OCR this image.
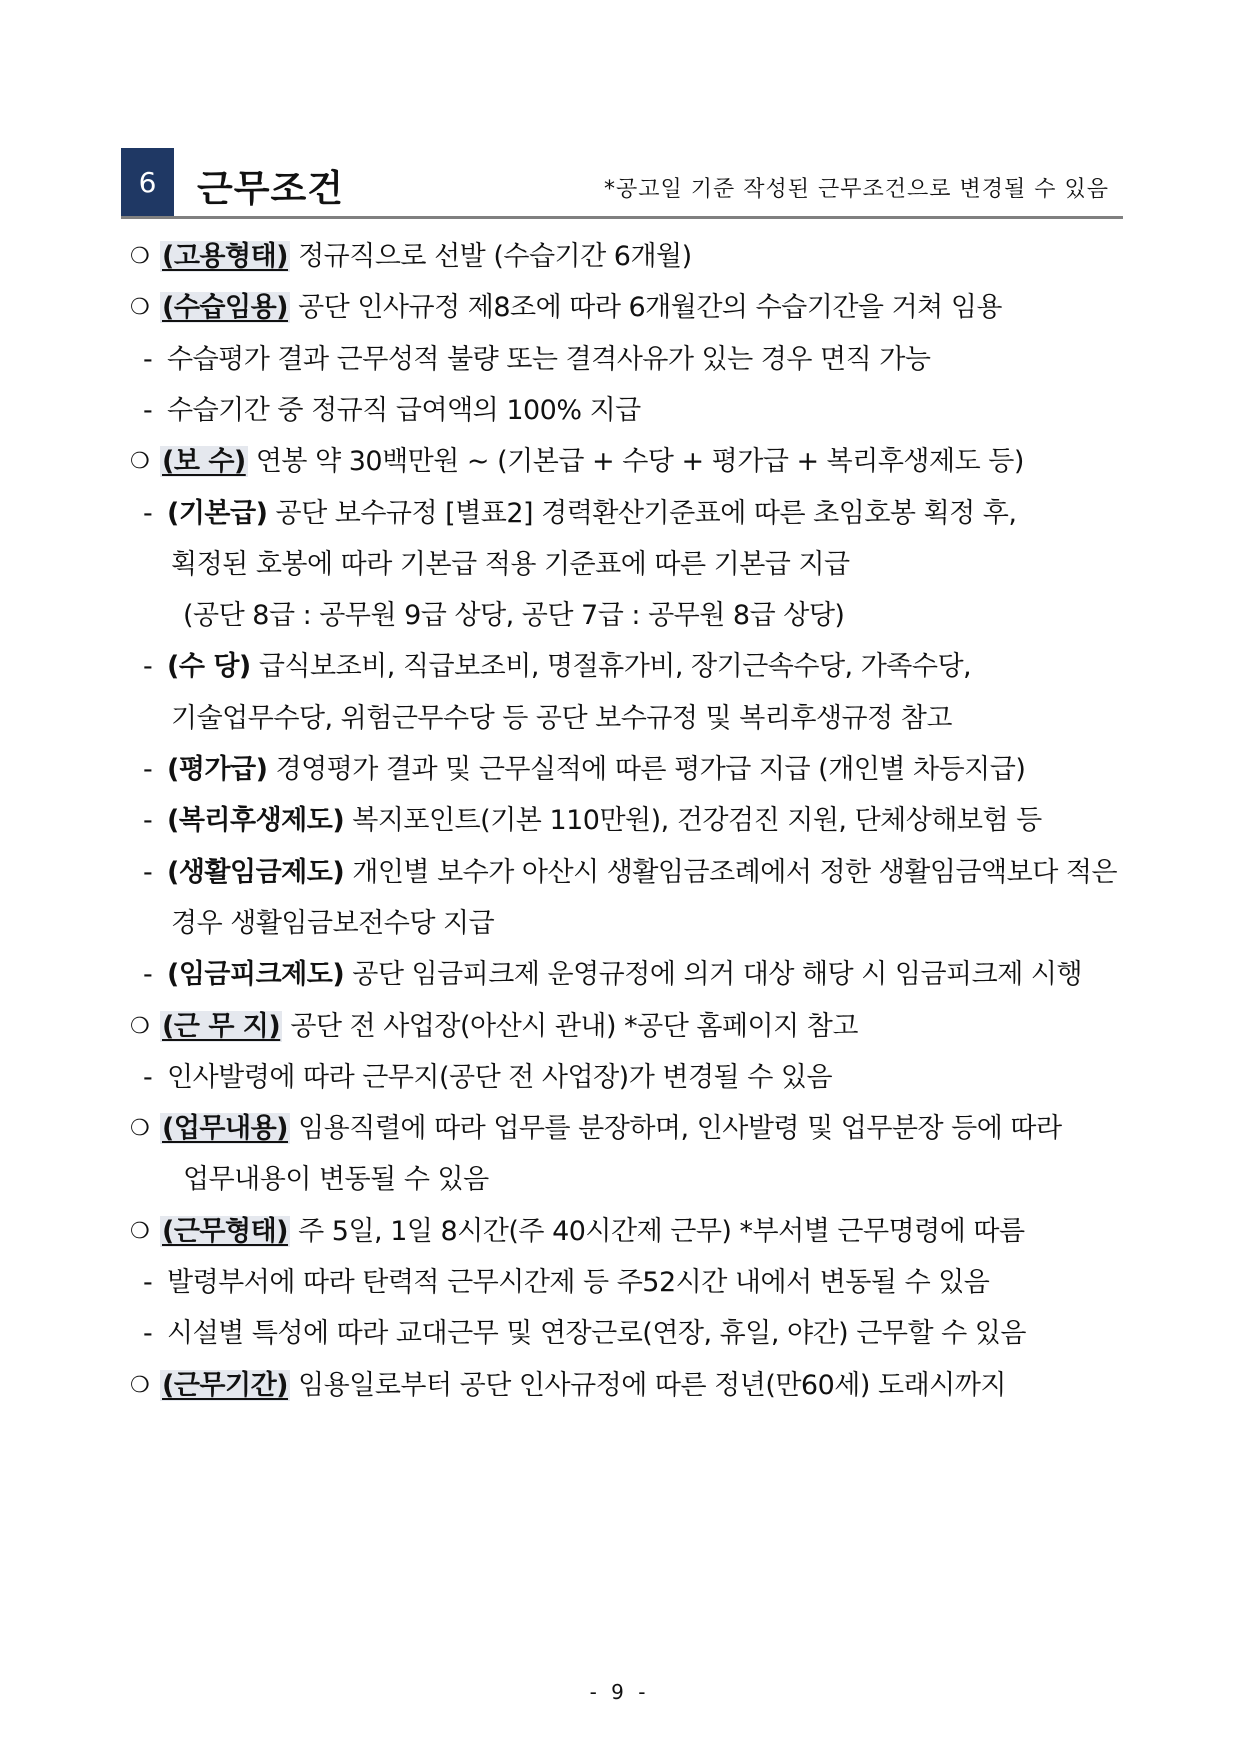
6	근무조건	*공고일 기준 작성된 근무조건으로 변경될 수 있음
❍ (고용형태) 정규직으로 선발 (수습기간 6개월)
❍ (수습임용) 공단 인사규정 제8조에 따라 6개월간의 수습기간을 거쳐 임용
- 수습평가 결과 근무성적 불량 또는 결격사유가 있는 경우 면직 가능
- 수습기간 중 정규직 급여액의 100% 지급
❍ (보 수) 연봉 약 30백만원 ~ (기본급 + 수당 + 평가급 + 복리후생제도 등)
- (기본급) 공단 보수규정 [별표2] 경력환산기준표에 따른 초임호봉 획정 후,
획정된 호봉에 따라 기본급 적용 기준표에 따른 기본급 지급
(공단 8급 : 공무원 9급 상당, 공단 7급 : 공무원 8급 상당)
- (수 당) 급식보조비, 직급보조비, 명절휴가비, 장기근속수당, 가족수당,
기술업무수당, 위험근무수당 등 공단 보수규정 및 복리후생규정 참고
- (평가급) 경영평가 결과 및 근무실적에 따른 평가급 지급 (개인별 차등지급)
- (복리후생제도) 복지포인트(기본 110만원), 건강검진 지원, 단체상해보험 등
- (생활임금제도) 개인별 보수가 아산시 생활임금조례에서 정한 생활임금액보다 적은
경우 생활임금보전수당 지급
- (임금피크제도) 공단 임금피크제 운영규정에 의거 대상 해당 시 임금피크제 시행
❍ (근 무 지) 공단 전 사업장(아산시 관내) *공단 홈페이지 참고
- 인사발령에 따라 근무지(공단 전 사업장)가 변경될 수 있음
❍ (업무내용) 임용직렬에 따라 업무를 분장하며, 인사발령 및 업무분장 등에 따라
업무내용이 변동될 수 있음
❍ (근무형태) 주 5일, 1일 8시간(주 40시간제 근무) *부서별 근무명령에 따름
- 발령부서에 따라 탄력적 근무시간제 등 주52시간 내에서 변동될 수 있음
- 시설별 특성에 따라 교대근무 및 연장근로(연장, 휴일, 야간) 근무할 수 있음
❍ (근무기간) 임용일로부터 공단 인사규정에 따른 정년(만60세) 도래시까지
- 9 -
